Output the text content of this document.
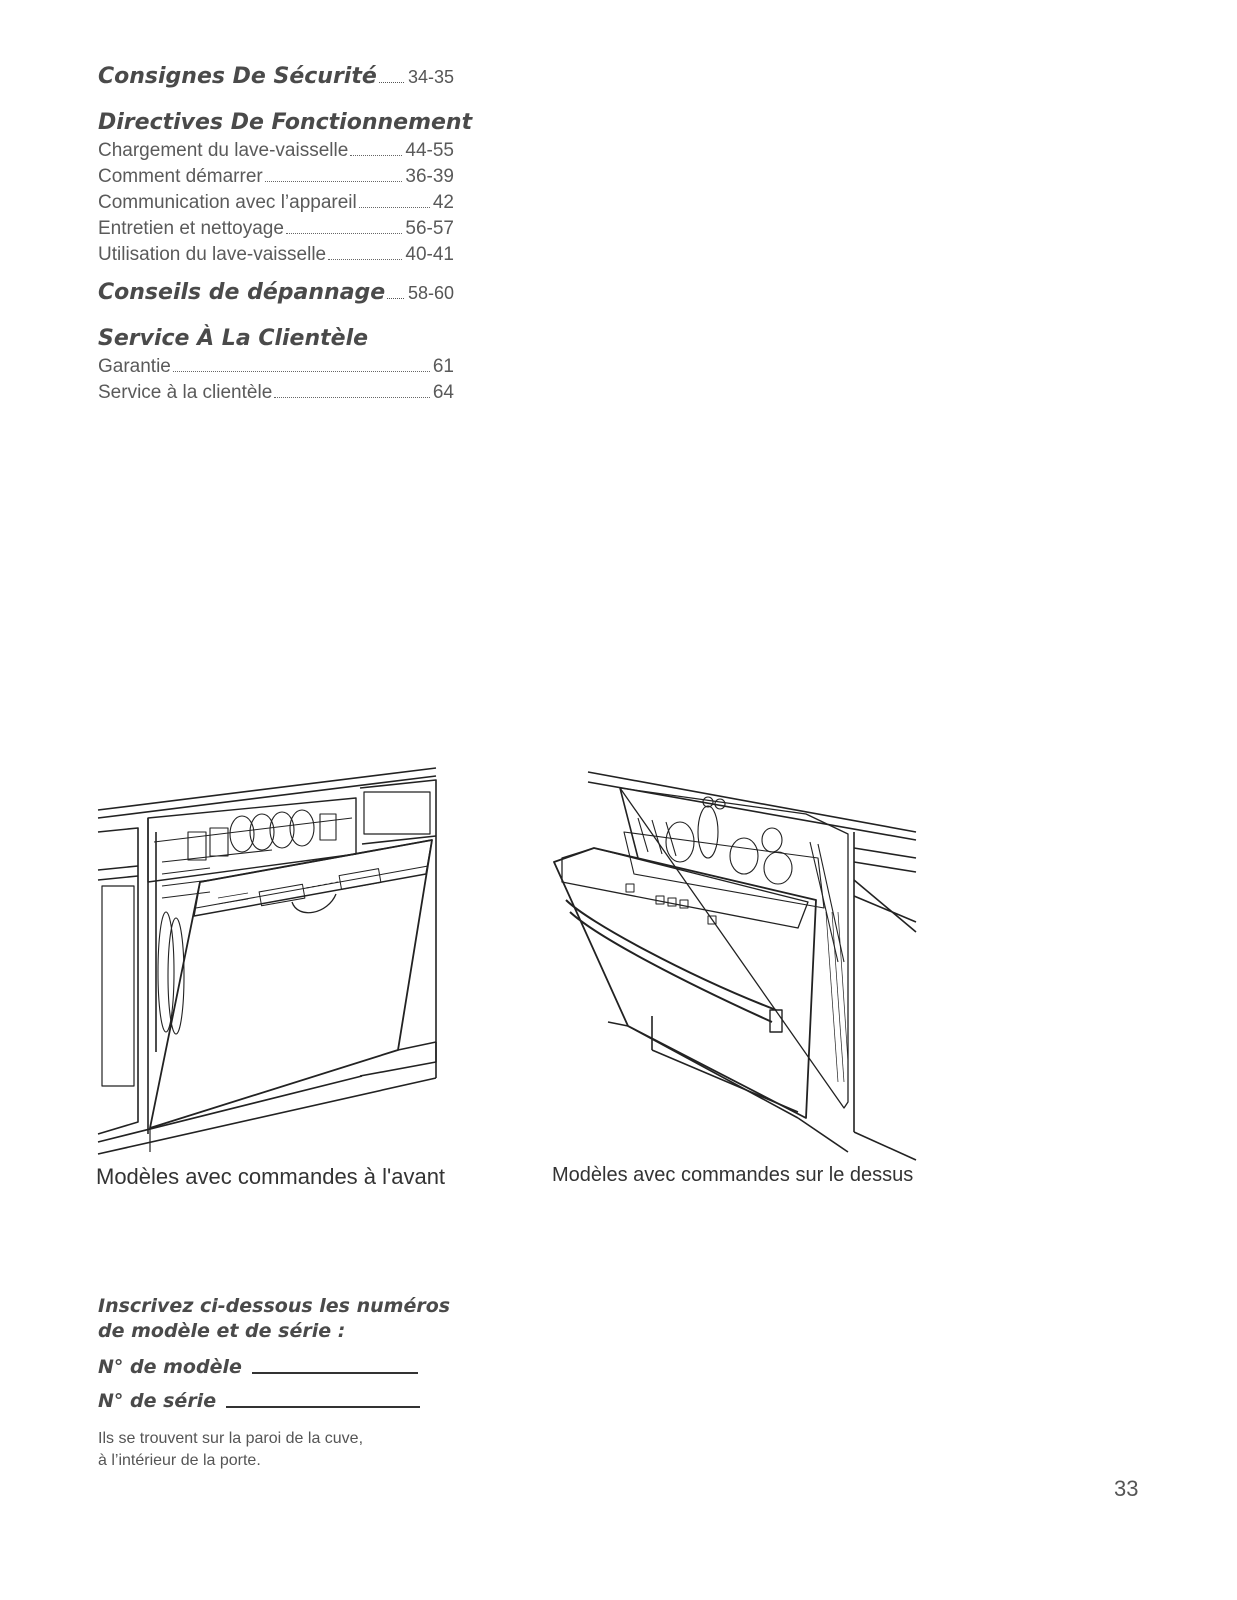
Consignes De Sécurité 34-35
Directives De Fonctionnement
Chargement du lave-vaisselle	44-55
Comment démarrer	36-39
Communication avec l’appareil	42
Entretien et nettoyage	56-57
Utilisation du lave-vaisselle	40-41
Conseils de dépannage 58-60
Service À La Clientèle
Garantie	61
Service à la clientèle	64
Modèles avec commandes à l'avant	Modèles avec commandes sur le dessus
Inscrivez ci-dessous les numéros
de modèle et de série :
N° de modèle
N° de série
Ils se trouvent sur la paroi de la cuve,
à l’intérieur de la porte.
33
